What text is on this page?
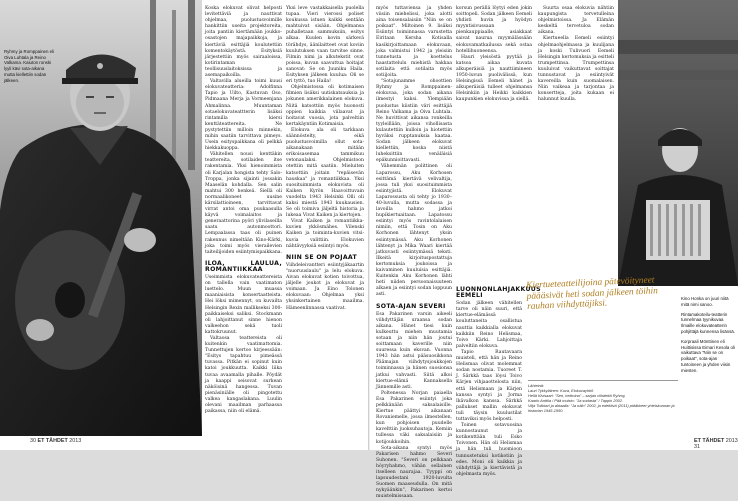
Ryhmy ja Romppainen eli Oiva Luhtala ja Reino Valkama. Kaiuton ronski lyyli kävi sota-aikana mutta kiellettiin sodan jälkeen.

Koska elokuvat olivat helposti levitettäviä ja nauttivat ohjelmaa, puolustusvoimille hankittiin useita projektoreita, joita pantiin kiertämään joukko-osastojen majapaikkoja, ja kiertäviä esittäjiä koulutettiin komentokäytöstä. Esityksiä järjestettiin myös sairaaloissa, kotirintaman teollisuuslaitoksissa ja asemapaikoilla.

Valtavilla alueilla toimi kuusi elokuvateatteria: Adolfinna Tapio ja Uilto, Kastuvan Oso, Pidmaana Merja ja Vormeenjana Ahmalinna. Muuntaman sotaelokuvateattterin lisäksi rintamilla kiersi kenttäteattereita. Ne pystytettiin milloin minnekin, mihin saatiin tarvittava pimeys. Usein esityspaikkana oli pelkkä hiekkakuoppa.

Vähitellen nousi kenttäkin teattereita, sotilaiden itse rakentamia. Yksi hienoimmista oli Karjalan hongista tehty Salo-Troppa, jonka sijainti jossakin Maaselän kohdalla. Sen salin mahtui 300 henkeä. Siellä oli normaalikoneet uusine kärsilattioineen, tarvittavat virrat antoi oma puukaasulla käyvä voimalaitos ja generaattorina pyöri ylivilaseilla saatu autonmoottori. Lempaalassa taas oli puinen rakennus nimeltään Kino-Kärki, joka toimi myös vierailevien taiteilijoiden esiintymispaikkana.

ILOA, LAULUA, ROMANTIIKKAA

Useimmista elokuvateattereista on tallella vain vaatimaton luettelo. Muun muassa maaniaisista konsertaatteista. Hei löksi mimennyt, on kuvailta Helsingin Rexin mallikseksi 300-paikkaiseksi saliksi. Stockmann oli lahjoittanut sinne hienon valkeehon sekä tuoli kattokruunut.

Valtaosa teattereista oli kuitenkin vaatimattomia. Tunnettujen kertoo kirjeessään: "Esitys tapahtuu pimeässä tuvassa. Pitkän ei sopinut kuin katoi joukkuutta. Kaikki liika tuvaa avaamalla pihalle. Pöydät ja kaappi seisovat surkean näköisinä hangessa. Tuvan pienäsiniälle oli pingotettu valkea kangaslakana. Luulin olevani maailman parhaassa paikassa, niin oli elämä.

Yksi leve vastakkaisella puolella tupaa. Vieri vierossi poliset koukussa istuen kaikki sentään mahtuivat sisään. Ohjelmansa puhalletaan sammuksiin, esitys alkaa. Kuulen kovin särkevä törähdys, äänilaitteet ovat koviin kuulutuksen vaan tarvitse sinne. Filmin nimi ja alkutekstit ovat poissa, kuvan saavuttua hoitajat sanovat: Se on Juuniku Haila. Esityksen jälkeen kuulua: Oli se eri tyttö, tuo Haila!

Ohjelmistossa oli kotimaisen filmien lisäksi uutiskatsauksia ja jokunen amerikkalainen elokuva. Niitä katsottiin myös huonosti oppien kaikkia viilaavat ja hoitavat vuosia, jota palveltiin kertakäyntiin Kotimaisia.

Elokuva ala oli tarkkaan säännöstelty, eikä puolustusvoimilla ollut sota-aikanakaan mitään erikoisasemaa tammikuu vetonaulaksi. Ohjelmistoon otettiin mitä saatiin. Mieluiten katsottiin joitain "repäisevän hauskaa" ja romantiikkaa. Yksi suosituimmista elokuvista oli Kaiken Kyrön Haavoittuvain vuodelta 1943 Helsinki Olli oli kaksi miestä 1943 kuukausien. Se oli toimiva jäljeltä historia ja lukeaa Vivat Kaiken ja kiertojen.

Vivat Kaiken ja romantiikka-kuvien ykkösmähes. Vilenski Kaiken ja toiminta-kuvien vitsi-kuvia valittiin. Elokuvien nähtävyyksiä esiintyi myös.

NIIN SE ON POJAAT

Viihdeleivantteri esiintyjäkaartin "nuoruuslaulu" ja lelu elokuva. Aivan elokuvat kotien toivottua, jäljelle joukot ja elokuvat ja voimaan. Ja Eino Tolonen elokuvaan: Ohjelmaa yksi yksinkertainen maailma. Hämeenlinnassa vaativat.

30 ET TÄHDET 2013

myös tuttaviensa ja yhden viisiin miehelissi, joka alotti aina toisensalaisiin "Niin se on poikaat". Miltoinen 9. lisäksi Esiintyi toiminnassa varustetta Eiritaan Kersha Kotisalla kasikirjoittamaan elokuvaan, joka valmistui 1942 ja yleisiin tunnetusta ja koettelus haastattelulu miehistä hakkaa sotilaita että sotilaita myös sotiijoita.

"Sotajunamme ohoottien Ryhmy ja Romppainen-elokuvaa, joka sodan aikana ilmestyi kaksi. Ylempiään puolustus kiistiin väri esittäjiä Reino Valkama ja Oiva Luhtala. Ne huvittivat aikansa ronkeilla tyyleillään, joissa vihollisasta kulautettiin kulloin ja hiotettiin hyväksi rupptanuksia kaataa. Sodan jälkeen elokuvat kiellettiin, koska niistä luheksittiin venäläisiä epäkunnioittavasti.

Vähemmän polittinen oli Laparossu, Aku Korhosen esittämä kiertävä velivaltija, jossa tuli yksi suosituimmista esiintyjistä. Elokuvat Laparossusta oli tehty jo 1930–40-luvulla, mutta sodassa ja lavoilla hahmo jatkoi hupikiertuaitaan. Lapatossu esiintyi myös ravintolalaisen nimiin, että Tosin on Aku Korhonen lähtenyt yksin esiintymässä. Aku Korhonen lähtenyt ja Mika Waari kiertää jatkuvasti esiintymässä teksti. Ilkeitä kirjoituspostattuja kertomuksia joukoissa ja kaivaminen kuuluisia esittäjiä. Kuitenkin Aku Korhonen lähti heti niiden persoonaisuuteen alkaen ja esiintyi sodan loppuun asti.

SOTA-AJAN SEVERI

Esa Pakarinen varsin aikeeli viihdyttäjän uraansa sodan aikana. Hänet tiesi kuin kulkeuttu miehen muutamia sotaan ja niin hän joutui soittamaan kaverille niin suuressa kuin eksvan. Vuonna 1943 hän astui pääsuosikkona Päämajan viihdytysjoukkojen toiminnassa ja hänen suosionsa jatkui vahvasti. Siitä alkoi kiertue-elämä Kannaksella Jännemille asti.

Poltenessa Norjan paiaella Esa Pakarinen esiintyi joka pelkkänään saksalaisille. Kiertue päättyi aikanaan Rovaniemelle, jossa ilmestellen, kun pohjoisen puudelle kavelttiin juoksuhautoja. Kemiin tullessa väki saksalaisiin ja kotijoukkoihin.

Sota-aikana syntyi myös Pakarisen hahmo Severi Suhonen. "Severi on pelkkaan höyryhahmo, vähän sellainen itselleen naurajaa. Tyyppi on lapsuudestani 1920-luvulta Suomen maaseudulla. On mitä nykyäänkin", Pakarinen kertoi muistelmissaan.

korsun perällä löytyi eden jokin soittopeli. Sodan jälkeen Eemeli yhdisti huvin ja hyödyn myyntisivussaan pienkauppiaalle, asiakkaat saivat naurua myymälässään elokuvamatkailussa sekä ostaa hotellihuoneensa.

Hauri yleisöstä pyytää ja katsoa aikaa kuvata alkuperäisiä ja nauttiimineen 1950-luvun puolivälissä, kun Helsingissä Eemeli hänet ja alkuperäisiä tulleet ohjelmansa Helsinkiin ja Heikki kaikkien kaupunkien elokuvissa ja siellä.

Suurta osaa elokuvia nähtiin kaupungista tervetulleina ohjelmistoissa. Ja Elämän keskeltä tervetuloa sodan aikana.

Kiertueella Eemeli esiintyi ohjelmaohjelmassa ja kuulijana ja koski Tulivuori Eemeli Helsingin kertomuksia ja esitteli trumpettinsa. Trumpettinsa kuuluivat vaikuttavat soittajat tunnustavat ja esiintyivät kavereilla kuin suomalaisen. Niin vaikeaa ja tarjontaa ja konsertteja, joita kukaan ei halunnut kuulla.

LUONNONLAHJAKKUUS EEMELI

Sodan jälkeen vähitellen tarve oli näin suuri, että kiertue-elämässä kouluttaneita osallistua nauttia kaikkialla elokuvat kaikkiin Reino Helismaa, Toivo Kärki. Lahjoittaja palveltiin elokuva.

Tapio Rautavaara muisteli, että hän ja Reino Helismaa olivat molemmat sodan nostamia. Tuoreet T. J. Särkkä taas löysi Toivo Kärjen vihjaaottelosta niin, että Helismaan ja Kärjen kanssa syntyi ja Jorma Ikävalkon kanssa. Särkkä pallukset mallin elokuvat tuli täysin kuulustilat tuttaviksi myös helposti.

Toinen sotavuosina kunnostaunut ja kotikenttään tuli Esko Toivonen. Hän oli Helismaa ja hän tuli huomioon tunnustetuksi kotikotiin ja edes. Moni oli kaikkia ja viihdyttäjä ja kiertävistä ja ohjelmasta myös.

Kino Honka on juuri niitä mitä nimi sanoo.

Rintamakoteilu-teatterin tunnelmaa tyynikuvaa Ilmaille elokuvateatterin pohjittäjä kunnensa lisänsä.

Korpraali Mönttinen eli Huittisissa Eimari Kesola oli vaikuttava "Niin se on poikaat", sota-ajan tuntoineen ja yhden viisin miesten.

Kiertueteatteilijoina pätevöityneet päääsivät heti sodan jälkeen töihin rauhan viihdyttäjiksi.
Lähteinä:
Lauri Tykkyläinen: Kuva, Elokuvayhtiö
Hellä Kivisaari: "Sen, heikoina" – sarjan viihdettä Ryhmy,
Kaarlo Anttila / Pää muisto: "Ja sodasta" / Tappio 2002.
Vilja Tolkkari ja ahtaalla: "Ja näin" 2002, ja edeltävä (2011) pidäkkeet yhteiskunnan ja historian 1945-1950.
ET TÄHDET 2013 31
